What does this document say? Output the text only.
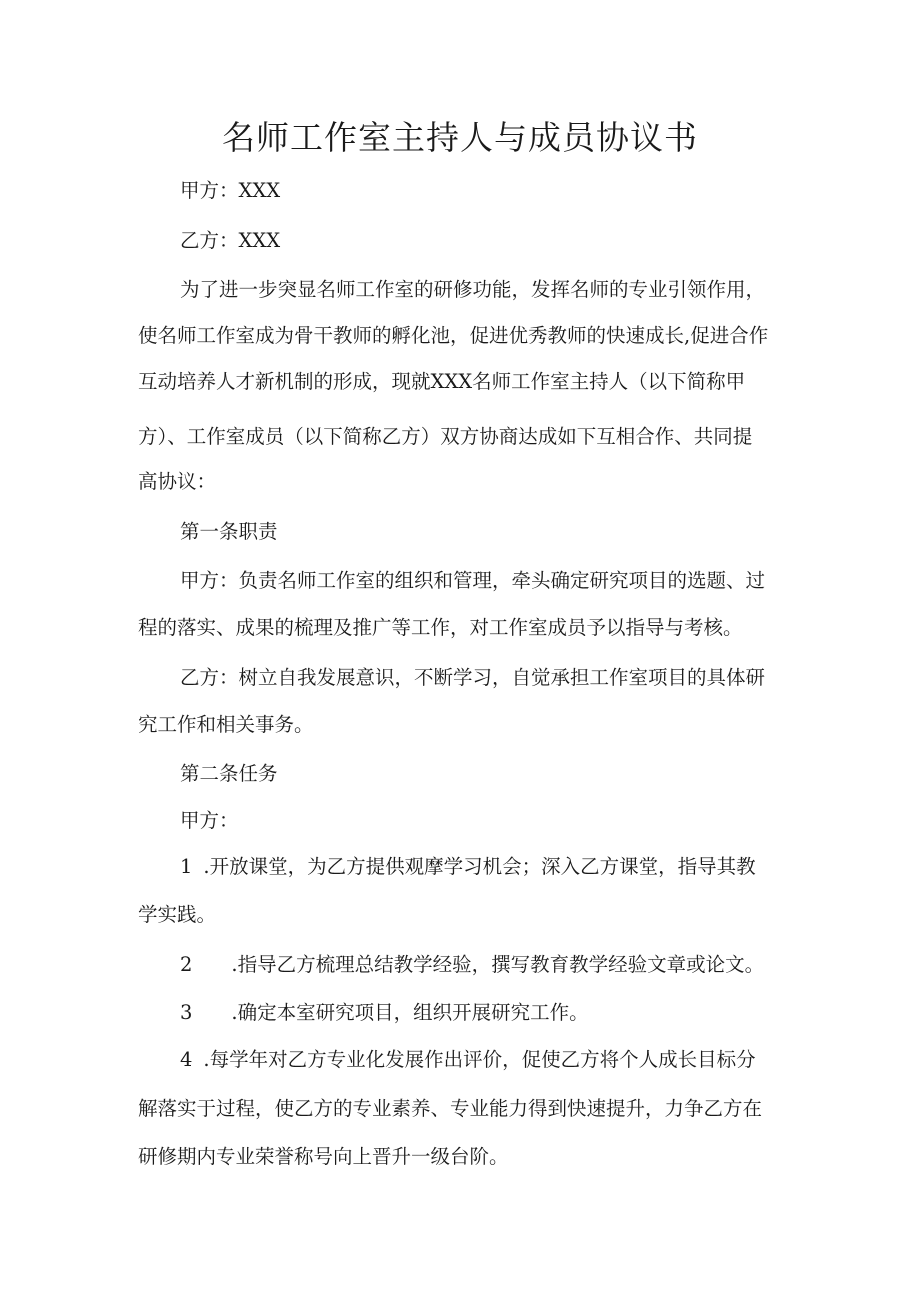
名师工作室主持人与成员协议书

甲方：XXX

乙方：XXX

为了进一步突显名师工作室的研修功能，发挥名师的专业引领作用，

使名师工作室成为骨干教师的孵化池，促进优秀教师的快速成长,促进合作

互动培养人才新机制的形成，现就XXX名师工作室主持人（以下简称甲

方）、工作室成员（以下简称乙方）双方协商达成如下互相合作、共同提

高协议：

第一条职责

甲方：负责名师工作室的组织和管理，牵头确定研究项目的选题、过

程的落实、成果的梳理及推广等工作，对工作室成员予以指导与考核。

乙方：树立自我发展意识，不断学习，自觉承担工作室项目的具体研

究工作和相关事务。

第二条任务

甲方：

1 .开放课堂，为乙方提供观摩学习机会；深入乙方课堂，指导其教

学实践。

2 .指导乙方梳理总结教学经验，撰写教育教学经验文章或论文。

3 .确定本室研究项目，组织开展研究工作。

4 .每学年对乙方专业化发展作出评价，促使乙方将个人成长目标分

解落实于过程，使乙方的专业素养、专业能力得到快速提升，力争乙方在

研修期内专业荣誉称号向上晋升一级台阶。
